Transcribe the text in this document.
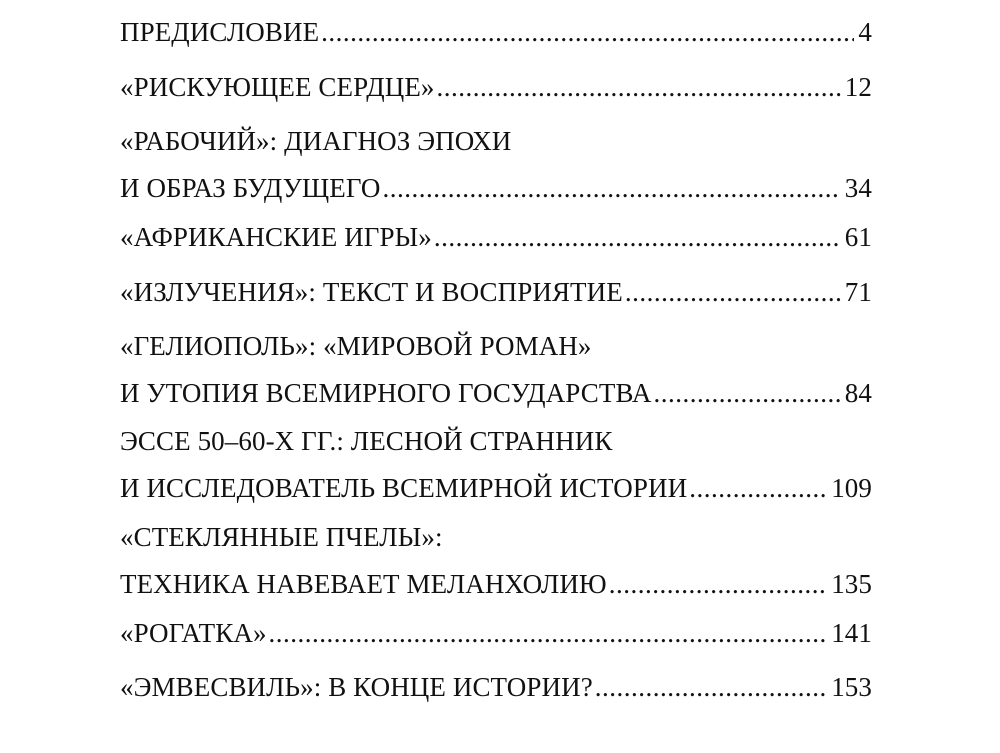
ПРЕДИСЛОВИЕ .....	4
«РИСКУЮЩЕЕ СЕРДЦЕ» .....	12
«РАБОЧИЙ»: ДИАГНОЗ ЭПОХИ
И ОБРАЗ БУДУЩЕГО .....	34
«АФРИКАНСКИЕ ИГРЫ» .....	61
«ИЗЛУЧЕНИЯ»: ТЕКСТ И ВОСПРИЯТИЕ .....	71
«ГЕЛИОПОЛЬ»: «МИРОВОЙ РОМАН»
И УТОПИЯ ВСЕМИРНОГО ГОСУДАРСТВА .....	84
ЭССЕ 50–60-Х ГГ.: ЛЕСНОЙ СТРАННИК
И ИССЛЕДОВАТЕЛЬ ВСЕМИРНОЙ ИСТОРИИ .....	109
«СТЕКЛЯННЫЕ ПЧЕЛЫ»:
ТЕХНИКА НАВЕВАЕТ МЕЛАНХОЛИЮ .....	135
«РОГАТКА» .....	141
«ЭМВЕСВИЛЬ»: В КОНЦЕ ИСТОРИИ? .....	153
